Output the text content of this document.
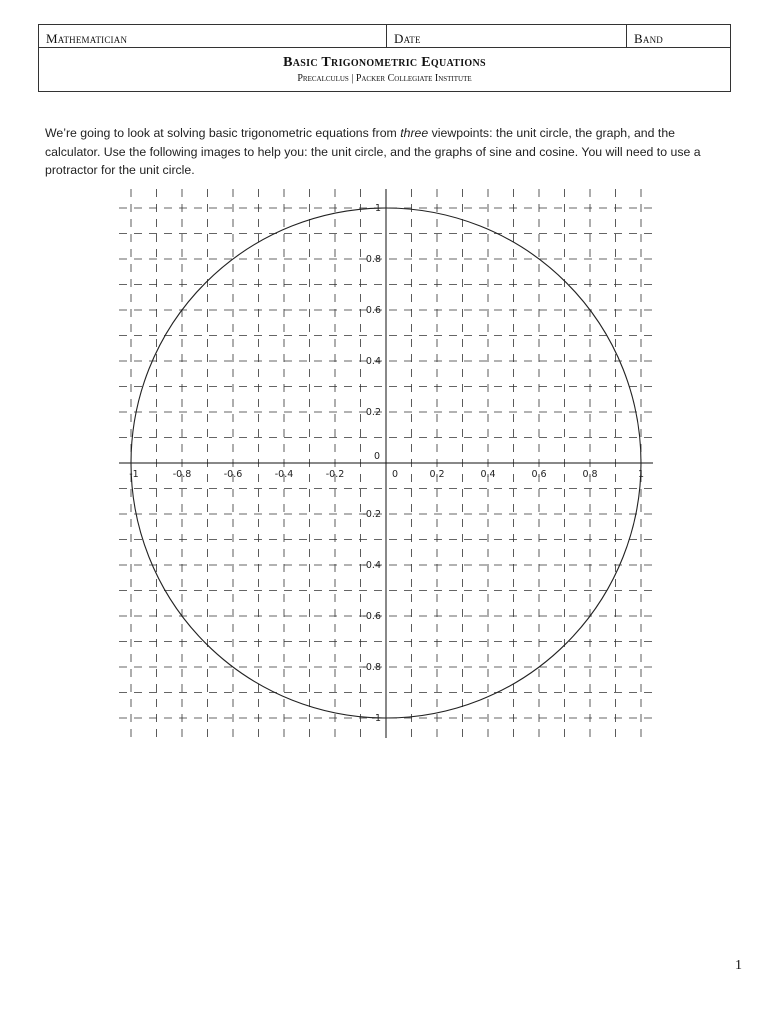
Mathematician	Date	Band
Basic Trigonometric Equations
Precalculus | Packer Collegiate Institute

We’re going to look at solving basic trigonometric equations from three viewpoints: the unit circle, the graph, and the calculator. Use the following images to help you: the unit circle, and the graphs of sine and cosine. You will need to use a protractor for the unit circle.

-1	-0.8	-0.6	-0.4	-0.2	0.2	0.4	0.6	0.8	1
0
0
1
0.8
0.6
0.4
0.2
-0.2
-0.4
-0.6
-0.8
-1
1
